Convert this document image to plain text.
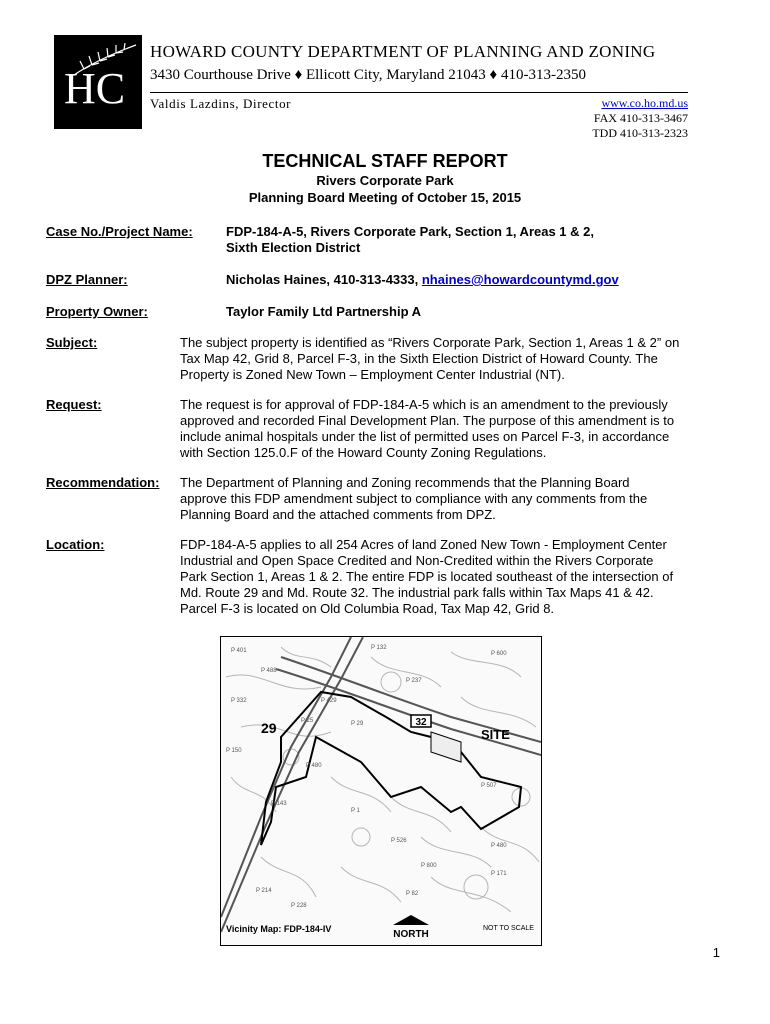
HC
HOWARD COUNTY DEPARTMENT OF PLANNING AND ZONING
3430 Courthouse Drive ♦ Ellicott City, Maryland 21043 ♦ 410-313-2350
Valdis Lazdins, Director	www.co.ho.md.us
FAX 410-313-3467
TDD 410-313-2323
TECHNICAL STAFF REPORT
Rivers Corporate Park
Planning Board Meeting of October 15, 2015
Case No./Project Name:	FDP-184-A-5, Rivers Corporate Park, Section 1, Areas 1 & 2,
Sixth Election District
DPZ Planner:	Nicholas Haines, 410-313-4333, nhaines@howardcountymd.gov
Property Owner:	Taylor Family Ltd Partnership A
Subject:	The subject property is identified as “Rivers Corporate Park, Section 1, Areas 1 & 2” on Tax Map 42, Grid 8, Parcel F-3, in the Sixth Election District of Howard County. The Property is Zoned New Town – Employment Center Industrial (NT).
Request:	The request is for approval of FDP-184-A-5 which is an amendment to the previously approved and recorded Final Development Plan. The purpose of this amendment is to include animal hospitals under the list of permitted uses on Parcel F-3, in accordance with Section 125.0.F of the Howard County Zoning Regulations.
Recommendation: The Department of Planning and Zoning recommends that the Planning Board approve this FDP amendment subject to compliance with any comments from the Planning Board and the attached comments from DPZ.
Location:	FDP-184-A-5 applies to all 254 Acres of land Zoned New Town - Employment Center Industrial and Open Space Credited and Non-Credited within the Rivers Corporate Park Section 1, Areas 1 & 2. The entire FDP is located southeast of the intersection of Md. Route 29 and Md. Route 32. The industrial park falls within Tax Maps 41 & 42. Parcel F-3 is located on Old Columbia Road, Tax Map 42, Grid 8.
P 401
P 488
P 132
P 600
P 237
P 332	P 429
P 25	P 29
P 480
P 143
P 1
P 507
P 526
P 480
P 800
P 171
P 214
P 228
P 82
P 150
32
29	SITE
Vicinity Map: FDP-184-IV	NORTH
NOT TO SCALE
1
